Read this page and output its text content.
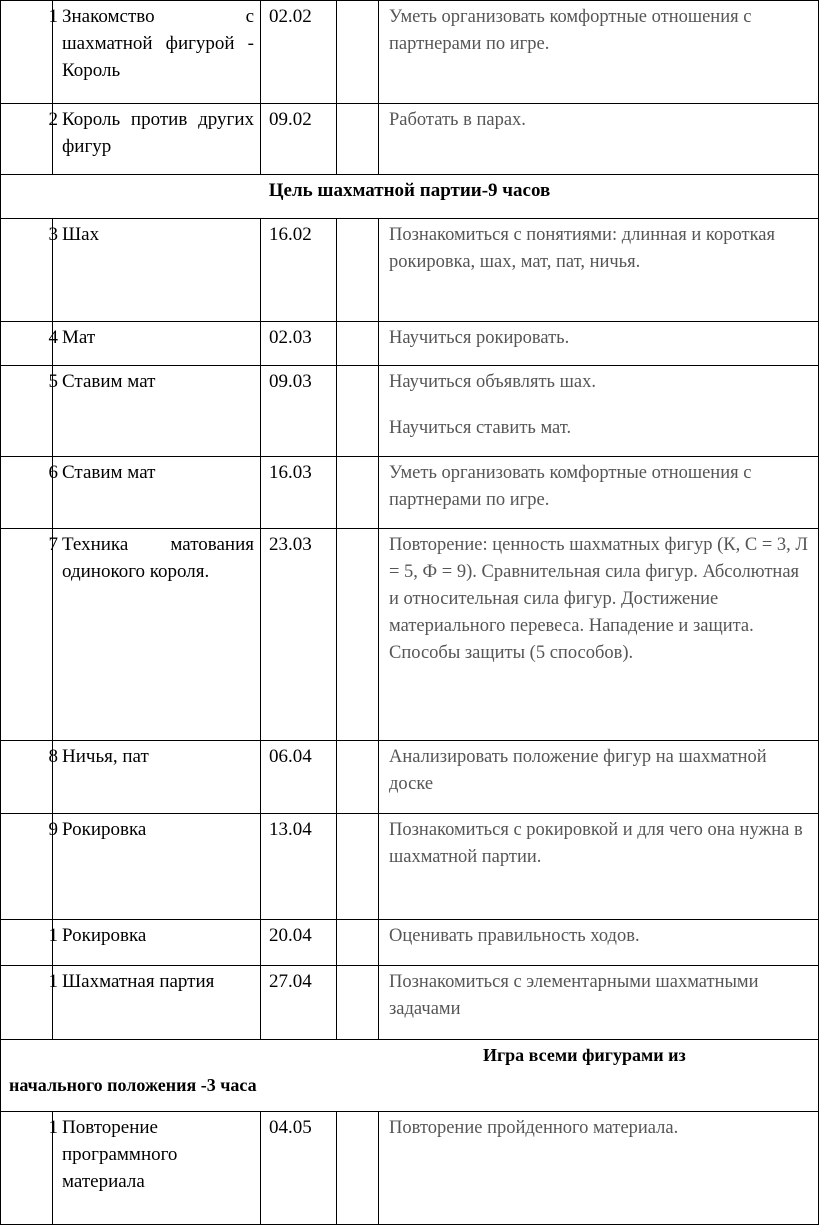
1	Знакомство с шахматной фигурой - Король	02.02		Уметь организовать комфортные отношения с партнерами по игре.

2	Король против других фигур	09.02		Работать в парах.

Цель шахматной партии-9 часов				

3	Шах	16.02		Познакомиться с понятиями: длинная и короткая рокировка, шах, мат, пат, ничья.

4	Мат	02.03		Научиться рокировать.

5	Ставим мат	09.03		Научиться объявлять шах.

Научиться ставить мат.

6	Ставим мат	16.03		Уметь организовать комфортные отношения с партнерами по игре.

7	Техника матования одинокого короля.	23.03		Повторение: ценность шахматных фигур (К, С = 3, Л = 5, Ф = 9). Сравнительная сила фигур. Абсолютная и относительная сила фигур. Достижение материального перевеса. Нападение и защита. Способы защиты (5 способов).

8	Ничья, пат	06.04		Анализировать положение фигур на шахматной доске

9	Рокировка	13.04		Познакомиться с рокировкой и для чего она нужна в шахматной партии.

1	Рокировка	20.04		Оценивать правильность ходов.

1	Шахматная партия	27.04		Познакомиться с элементарными шахматными задачами

Игра всеми фигурами из
начального положения -3 часа				

1	Повторение программного материала	04.05		Повторение пройденного материала.
